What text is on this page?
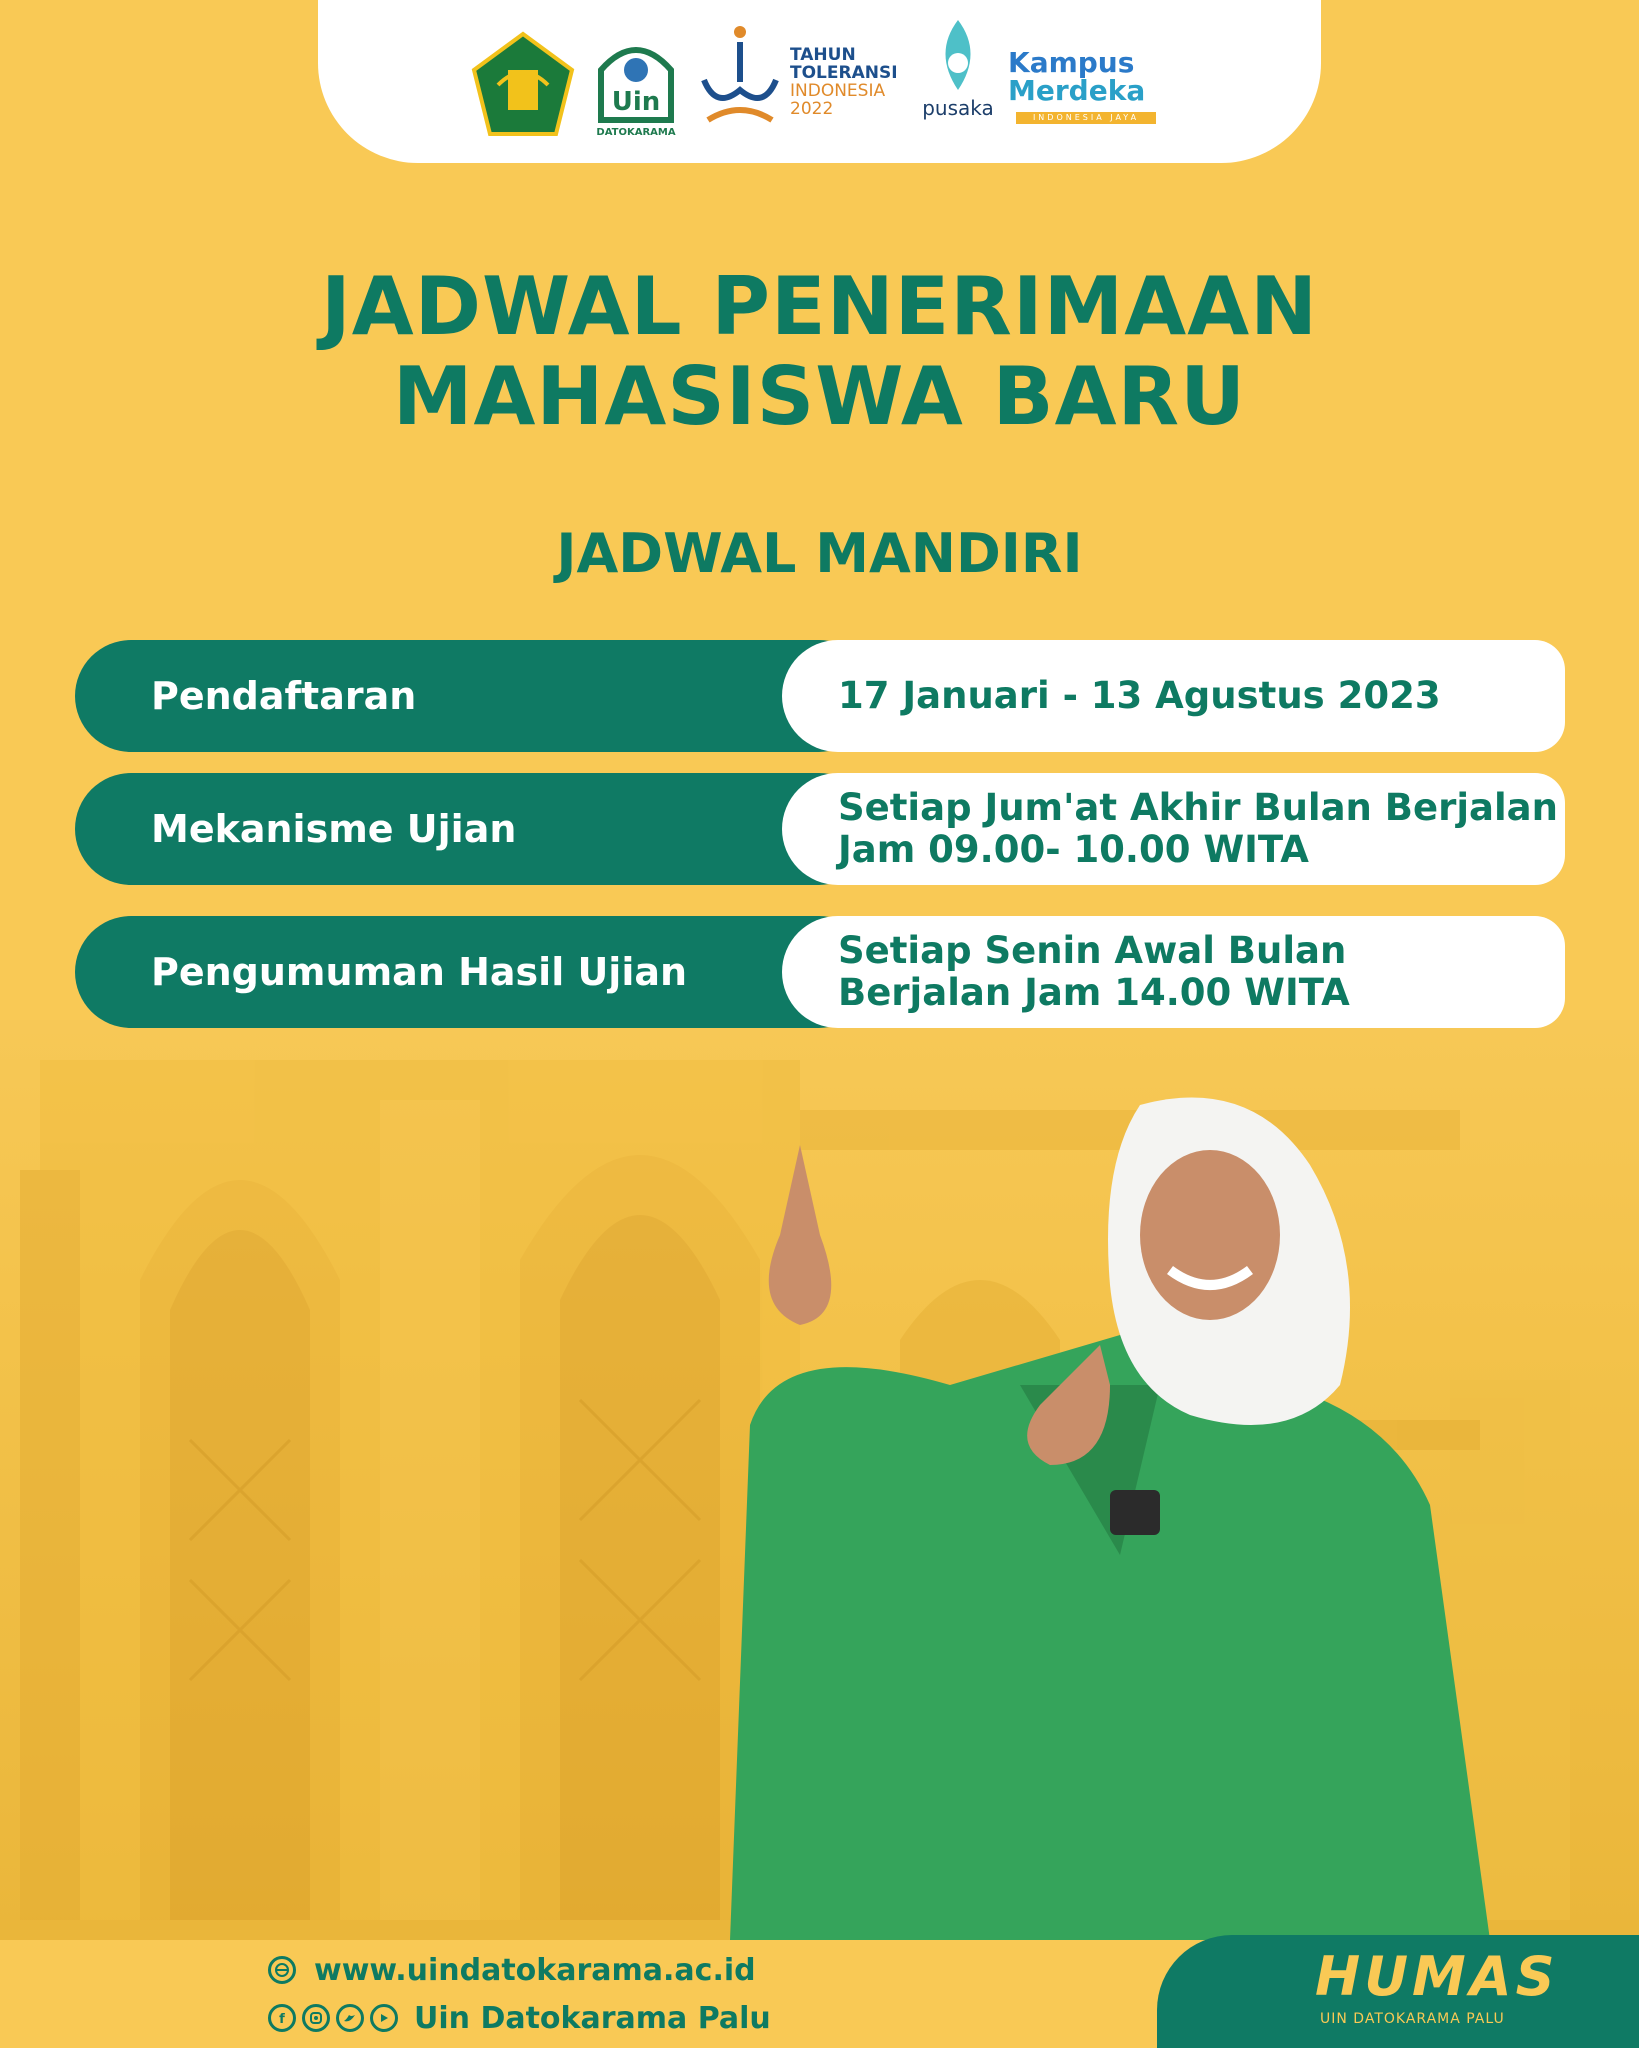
Uin
DATOKARAMA
TAHUN
TOLERANSI
INDONESIA
2022	pusaka
Kampus
Merdeka
INDONESIA JAYA
JADWAL PENERIMAAN
MAHASISWA BARU
JADWAL MANDIRI
Pendaftaran	17 Januari - 13 Agustus 2023
Mekanisme Ujian	Setiap Jum'at Akhir Bulan Berjalan
Jam 09.00- 10.00 WITA
Pengumuman Hasil Ujian	Setiap Senin Awal Bulan
Berjalan Jam 14.00 WITA
www.uindatokarama.ac.id
f	Uin Datokarama Palu
HUMAS
UIN DATOKARAMA PALU
